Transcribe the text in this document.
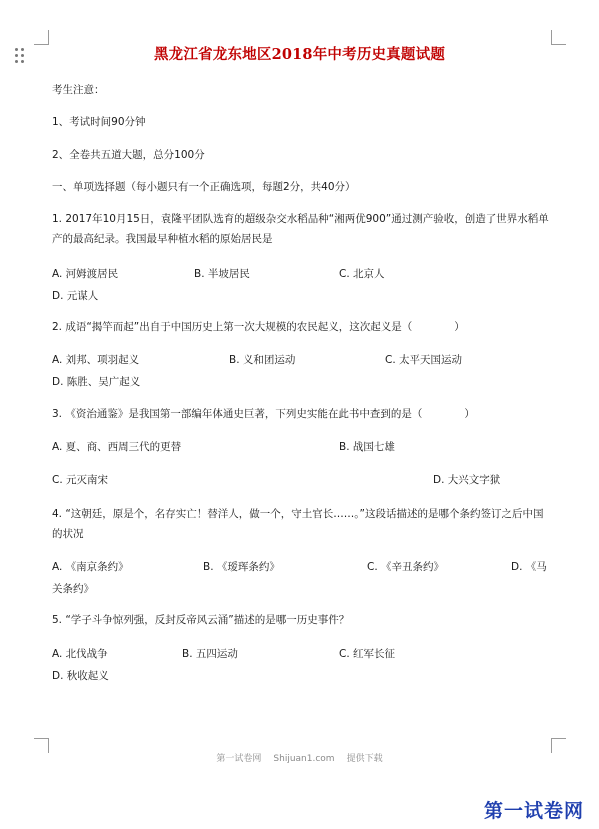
黑龙江省龙东地区2018年中考历史真题试题
考生注意：
1、考试时间90分钟
2、全卷共五道大题，总分100分
一、单项选择题（每小题只有一个正确选项，每题2分，共40分）
1. 2017年10月15日，袁隆平团队选育的超级杂交水稻品种“湘两优900”通过测产验收，创造了世界水稻单产的最高纪录。我国最早种植水稻的原始居民是
A. 河姆渡居民	B. 半坡居民	C. 北京人
D. 元谋人
2. 成语“揭竿而起”出自于中国历史上第一次大规模的农民起义，这次起义是（　　　　）
A. 刘邦、项羽起义	B. 义和团运动	C. 太平天国运动
D. 陈胜、吴广起义
3. 《资治通鉴》是我国第一部编年体通史巨著，下列史实能在此书中查到的是（　　　　）
A. 夏、商、西周三代的更替	B. 战国七雄
C. 元灭南宋	D. 大兴文字狱
4. “这朝廷，原是个，名存实亡！替洋人，做一个，守土官长……。”这段话描述的是哪个条约签订之后中国的状况
A. 《南京条约》	B. 《瑷珲条约》	C. 《辛丑条约》	D. 《马
关条约》
5. “学子斗争惊列强，反封反帝风云涌”描述的是哪一历史事件？
A. 北伐战争	B. 五四运动	C. 红军长征
D. 秋收起义
第一试卷网 Shijuan1.com 提供下载
第一试卷网
